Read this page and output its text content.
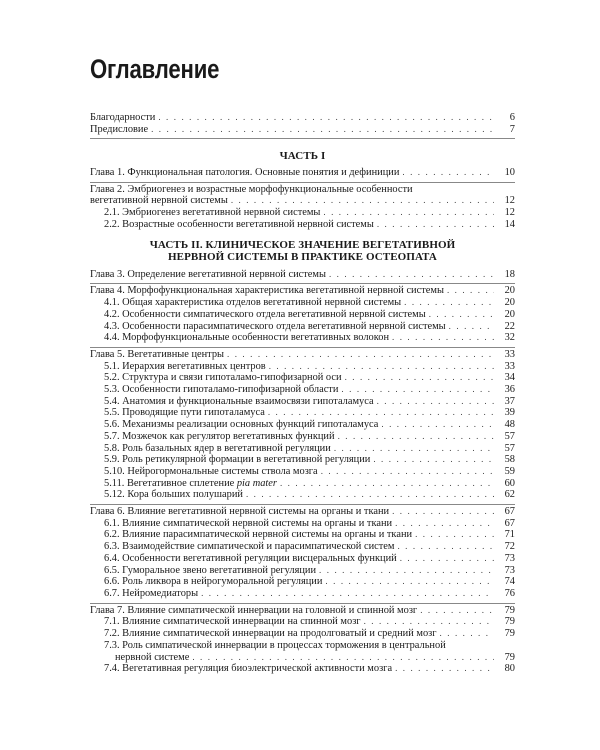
Оглавление
Благодарности . . .	6
Предисловие . . .	7
ЧАСТЬ I
Глава 1. Функциональная патология. Основные понятия и дефиниции . . .	10
Глава 2. Эмбриогенез и возрастные морфофункциональные особенности
вегетативной нервной системы . . .	12
2.1. Эмбриогенез вегетативной нервной системы . . .	12
2.2. Возрастные особенности вегетативной нервной системы . . .	14
ЧАСТЬ II. КЛИНИЧЕСКОЕ ЗНАЧЕНИЕ ВЕГЕТАТИВНОЙ
НЕРВНОЙ СИСТЕМЫ В ПРАКТИКЕ ОСТЕОПАТА
Глава 3. Определение вегетативной нервной системы . . .	18
Глава 4. Морфофункциональная характеристика вегетативной нервной системы . . .	20
4.1. Общая характеристика отделов вегетативной нервной системы . . .	20
4.2. Особенности симпатического отдела вегетативной нервной системы . . .	20
4.3. Особенности парасимпатического отдела вегетативной нервной системы . . .	22
4.4. Морфофункциональные особенности вегетативных волокон . . .	32
Глава 5. Вегетативные центры . . .	33
5.1. Иерархия вегетативных центров . . .	33
5.2. Структура и связи гипоталамо-гипофизарной оси . . .	34
5.3. Особенности гипоталамо-гипофизарной области . . .	36
5.4. Анатомия и функциональные взаимосвязи гипоталамуса . . .	37
5.5. Проводящие пути гипоталамуса . . .	39
5.6. Механизмы реализации основных функций гипоталамуса . . .	48
5.7. Мозжечок как регулятор вегетативных функций . . .	57
5.8. Роль базальных ядер в вегетативной регуляции . . .	57
5.9. Роль ретикулярной формации в вегетативной регуляции . . .	58
5.10. Нейрогормональные системы ствола мозга . . .	59
5.11. Вегетативное сплетение pia mater . . .	60
5.12. Кора больших полушарий . . .	62
Глава 6. Влияние вегетативной нервной системы на органы и ткани . . .	67
6.1. Влияние симпатической нервной системы на органы и ткани . . .	67
6.2. Влияние парасимпатической нервной системы на органы и ткани . . .	71
6.3. Взаимодействие симпатической и парасимпатической систем . . .	72
6.4. Особенности вегетативной регуляции висцеральных функций . . .	73
6.5. Гуморальное звено вегетативной регуляции . . .	73
6.6. Роль ликвора в нейрогуморальной регуляции . . .	74
6.7. Нейромедиаторы . . .	76
Глава 7. Влияние симпатической иннервации на головной и спинной мозг . . .	79
7.1. Влияние симпатической иннервации на спинной мозг . . .	79
7.2. Влияние симпатической иннервации на продолговатый и средний мозг . . .	79
7.3. Роль симпатической иннервации в процессах торможения в центральной
нервной системе . . .	79
7.4. Вегетативная регуляция биоэлектрической активности мозга . . .	80
